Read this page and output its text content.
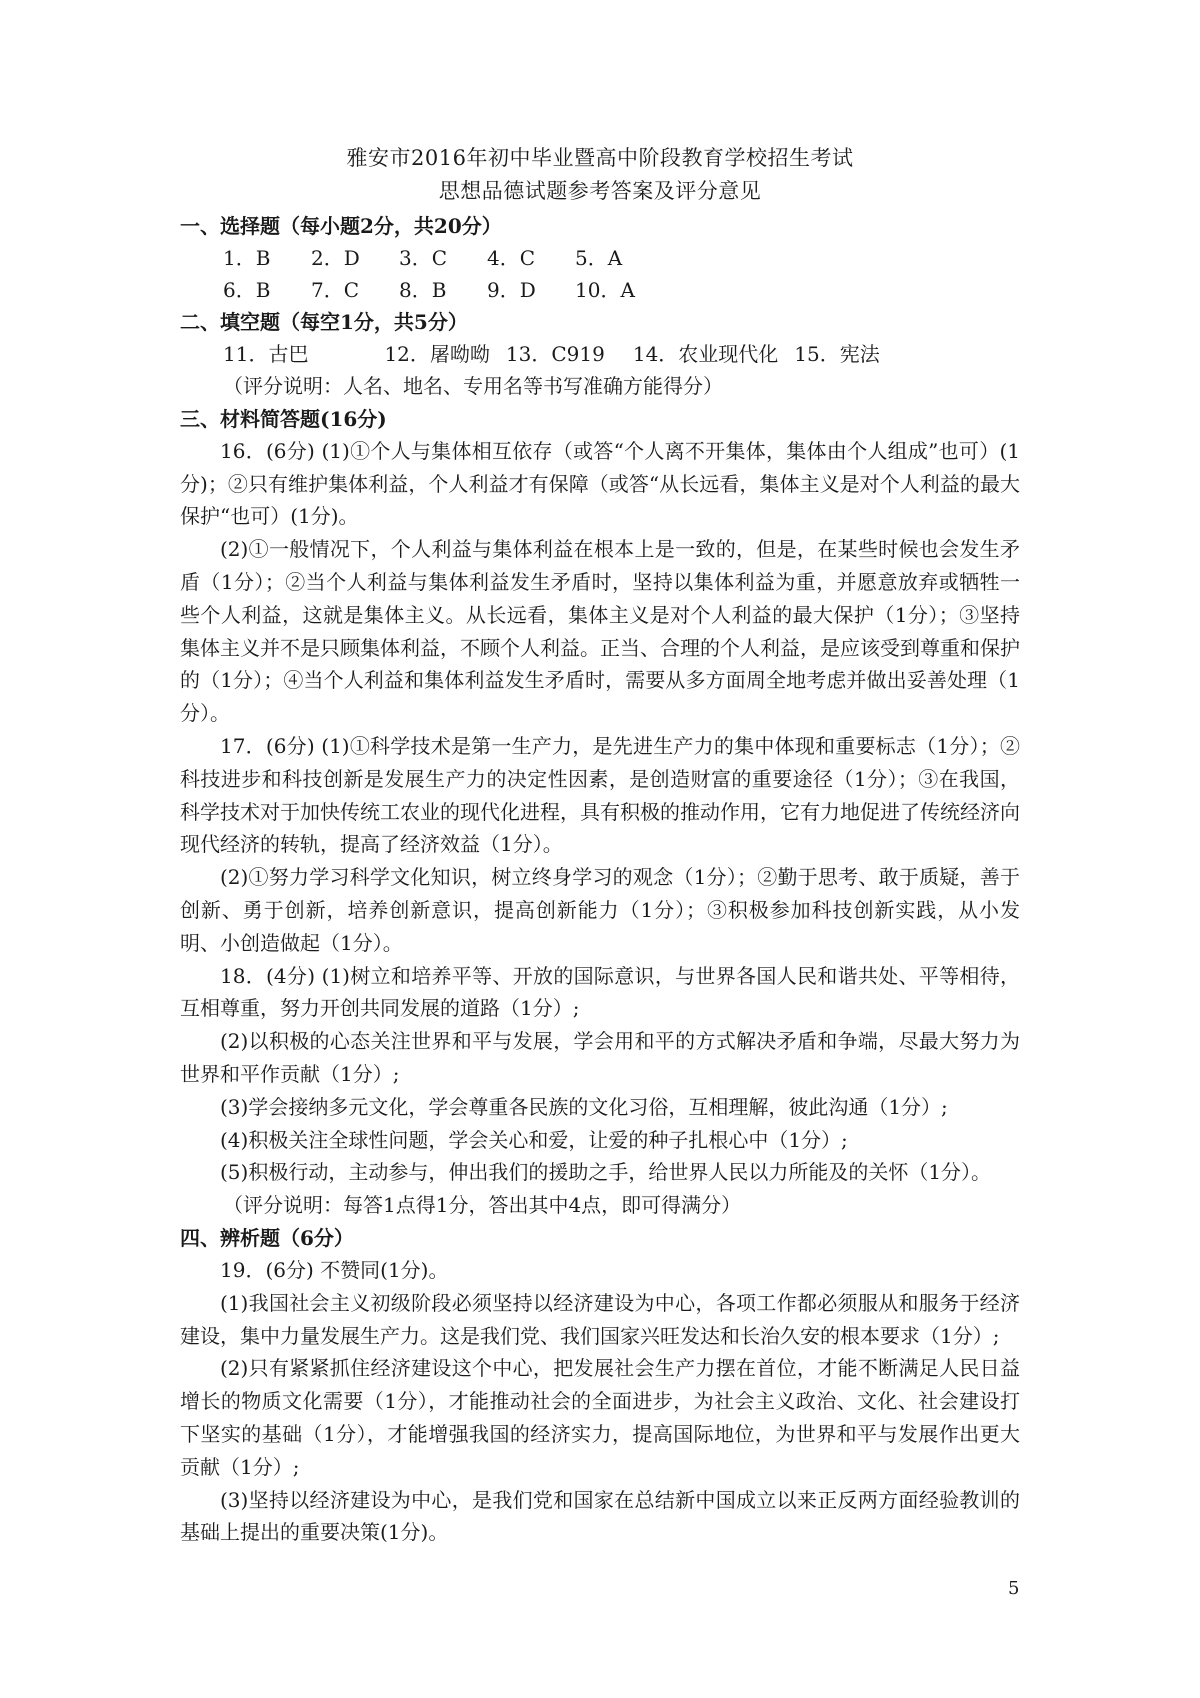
雅安市2016年初中毕业暨高中阶段教育学校招生考试
思想品德试题参考答案及评分意见
一、选择题（每小题2分，共20分）
1．B 2．D 3．C 4．C 5．A
6．B 7．C 8．B 9．D 10．A
二、填空题（每空1分，共5分）
11．古巴	12．屠呦呦 13．C919 14．农业现代化 15．宪法
（评分说明：人名、地名、专用名等书写准确方能得分）
三、材料简答题(16分)
16．(6分) (1)①个人与集体相互依存（或答“个人离不开集体，集体由个人组成”也可）(1分)；②只有维护集体利益，个人利益才有保障（或答“从长远看，集体主义是对个人利益的最大保护“也可）(1分)。
(2)①一般情况下，个人利益与集体利益在根本上是一致的，但是，在某些时候也会发生矛盾（1分）；②当个人利益与集体利益发生矛盾时，坚持以集体利益为重，并愿意放弃或牺牲一些个人利益，这就是集体主义。从长远看，集体主义是对个人利益的最大保护（1分）；③坚持集体主义并不是只顾集体利益，不顾个人利益。正当、合理的个人利益，是应该受到尊重和保护的（1分）；④当个人利益和集体利益发生矛盾时，需要从多方面周全地考虑并做出妥善处理（1分）。
17．(6分) (1)①科学技术是第一生产力，是先进生产力的集中体现和重要标志（1分）；②科技进步和科技创新是发展生产力的决定性因素，是创造财富的重要途径（1分）；③在我国，科学技术对于加快传统工农业的现代化进程，具有积极的推动作用，它有力地促进了传统经济向现代经济的转轨，提高了经济效益（1分）。
(2)①努力学习科学文化知识，树立终身学习的观念（1分）；②勤于思考、敢于质疑，善于创新、勇于创新，培养创新意识，提高创新能力（1分）；③积极参加科技创新实践，从小发明、小创造做起（1分）。
18．(4分) (1)树立和培养平等、开放的国际意识，与世界各国人民和谐共处、平等相待，互相尊重，努力开创共同发展的道路（1分）;
(2)以积极的心态关注世界和平与发展，学会用和平的方式解决矛盾和争端，尽最大努力为世界和平作贡献（1分）;
(3)学会接纳多元文化，学会尊重各民族的文化习俗，互相理解，彼此沟通（1分）;
(4)积极关注全球性问题，学会关心和爱，让爱的种子扎根心中（1分）;
(5)积极行动，主动参与，伸出我们的援助之手，给世界人民以力所能及的关怀（1分）。
（评分说明：每答1点得1分，答出其中4点，即可得满分）
四、辨析题（6分）
19．(6分) 不赞同(1分)。
(1)我国社会主义初级阶段必须坚持以经济建设为中心，各项工作都必须服从和服务于经济建设，集中力量发展生产力。这是我们党、我们国家兴旺发达和长治久安的根本要求（1分）;
(2)只有紧紧抓住经济建设这个中心，把发展社会生产力摆在首位，才能不断满足人民日益增长的物质文化需要（1分），才能推动社会的全面进步，为社会主义政治、文化、社会建设打下坚实的基础（1分），才能增强我国的经济实力，提高国际地位，为世界和平与发展作出更大贡献（1分）;
(3)坚持以经济建设为中心，是我们党和国家在总结新中国成立以来正反两方面经验教训的基础上提出的重要决策(1分)。
5
